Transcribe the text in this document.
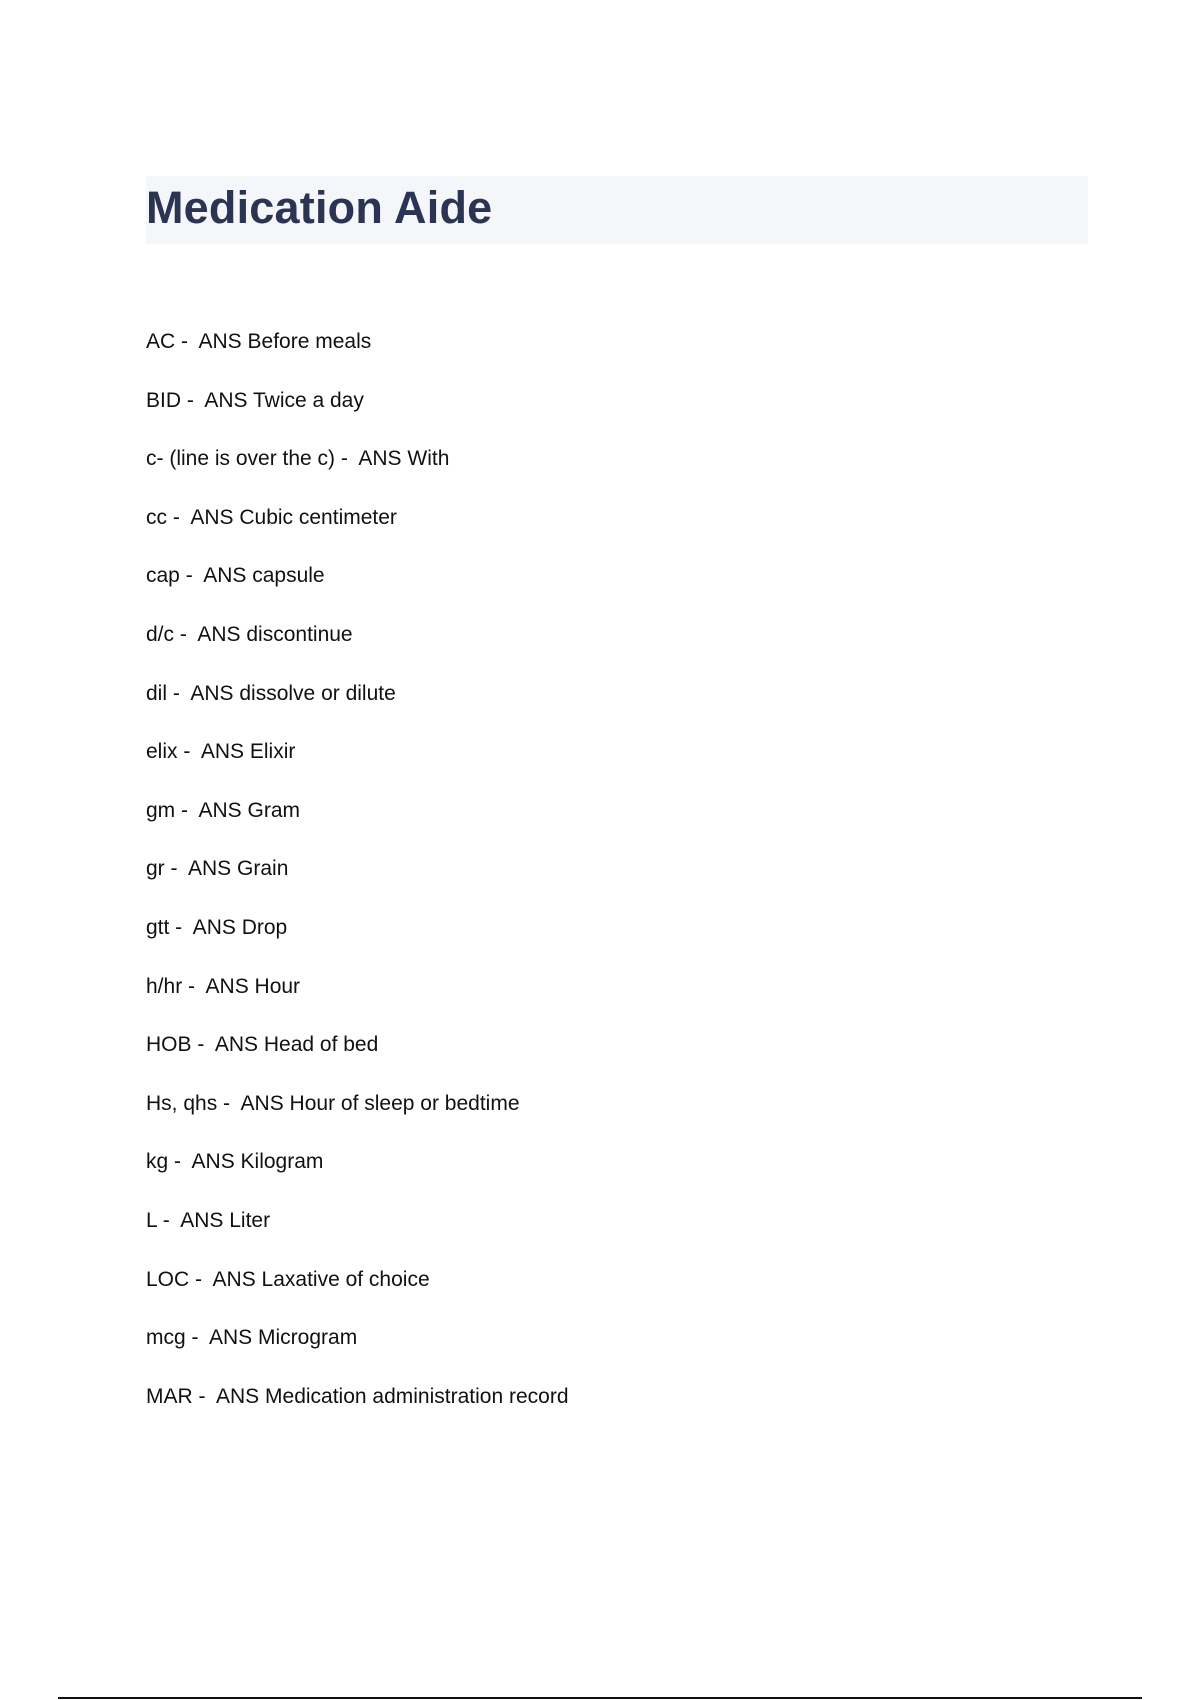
Medication Aide
AC -  ANS Before meals
BID -  ANS Twice a day
c- (line is over the c) -  ANS With
cc -  ANS Cubic centimeter
cap -  ANS capsule
d/c -  ANS discontinue
dil -  ANS dissolve or dilute
elix -  ANS Elixir
gm -  ANS Gram
gr -  ANS Grain
gtt -  ANS Drop
h/hr -  ANS Hour
HOB -  ANS Head of bed
Hs, qhs -  ANS Hour of sleep or bedtime
kg -  ANS Kilogram
L -  ANS Liter
LOC -  ANS Laxative of choice
mcg -  ANS Microgram
MAR -  ANS Medication administration record
